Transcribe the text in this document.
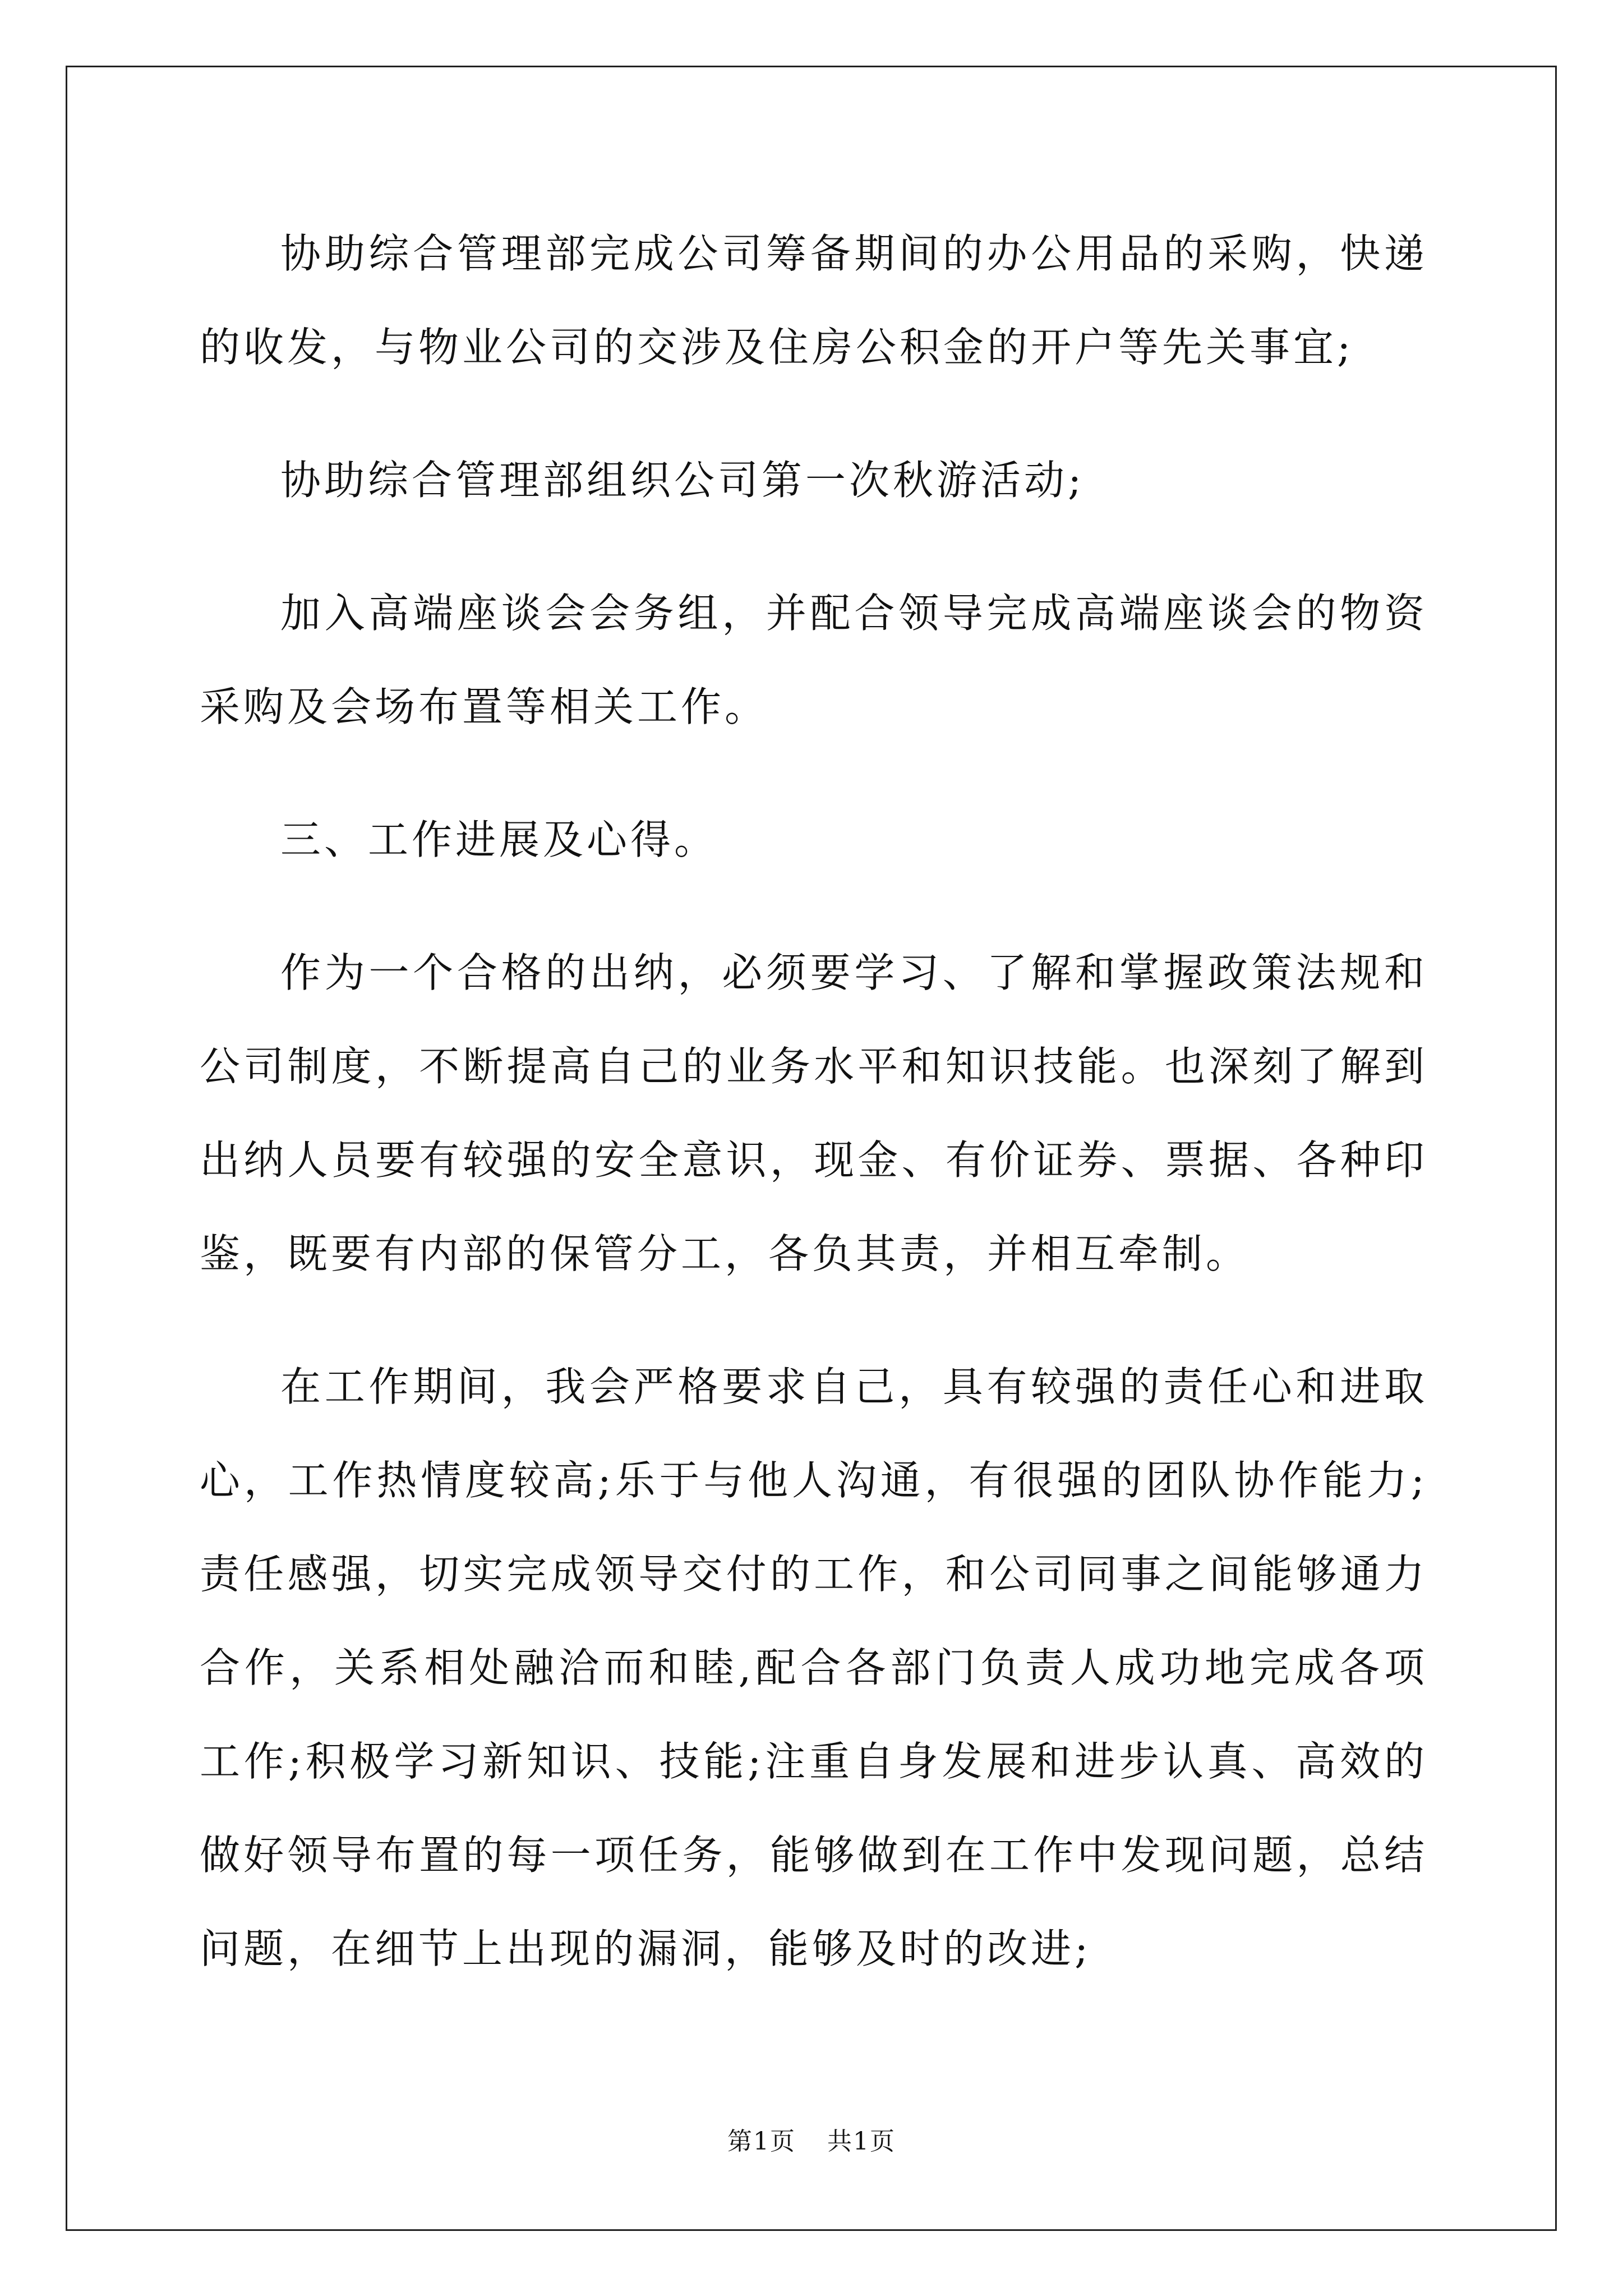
协助综合管理部完成公司筹备期间的办公用品的采购，快递的收发，与物业公司的交涉及住房公积金的开户等先关事宜;

协助综合管理部组织公司第一次秋游活动;

加入高端座谈会会务组，并配合领导完成高端座谈会的物资采购及会场布置等相关工作。

三、工作进展及心得。

作为一个合格的出纳，必须要学习、了解和掌握政策法规和公司制度，不断提高自己的业务水平和知识技能。也深刻了解到出纳人员要有较强的安全意识，现金、有价证券、票据、各种印鉴，既要有内部的保管分工，各负其责，并相互牵制。

在工作期间，我会严格要求自己，具有较强的责任心和进取心，工作热情度较高;乐于与他人沟通，有很强的团队协作能力;责任感强，切实完成领导交付的工作，和公司同事之间能够通力合作，关系相处融洽而和睦,配合各部门负责人成功地完成各项工作;积极学习新知识、技能;注重自身发展和进步认真、高效的做好领导布置的每一项任务，能够做到在工作中发现问题，总结问题，在细节上出现的漏洞，能够及时的改进;

第1页 共1页
